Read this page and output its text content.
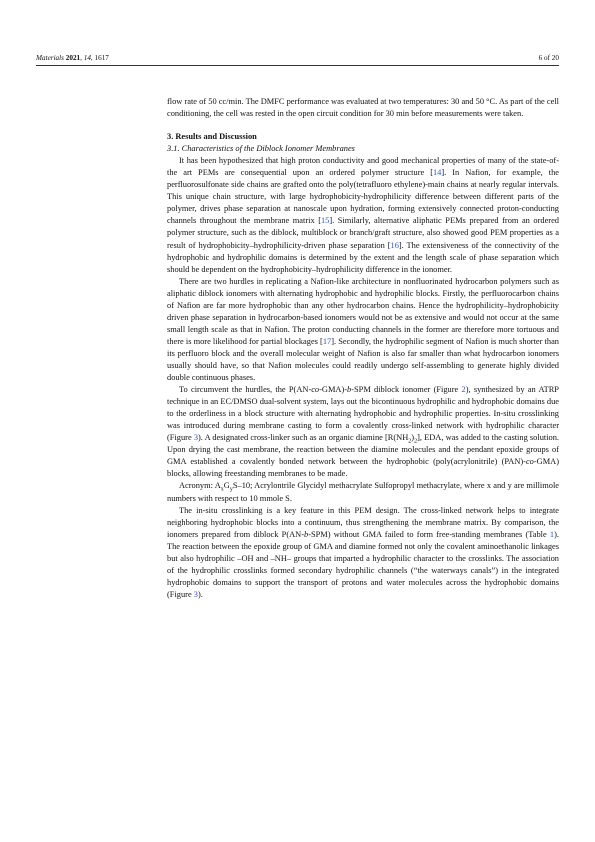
Materials 2021, 14, 1617	6 of 20

flow rate of 50 cc/min. The DMFC performance was evaluated at two temperatures: 30 and 50 °C. As part of the cell conditioning, the cell was rested in the open circuit condition for 30 min before measurements were taken.

3. Results and Discussion
3.1. Characteristics of the Diblock Ionomer Membranes

It has been hypothesized that high proton conductivity and good mechanical properties of many of the state-of-the art PEMs are consequential upon an ordered polymer structure [14]. In Nafion, for example, the perfluorosulfonate side chains are grafted onto the poly(tetrafluoro ethylene)-main chains at nearly regular intervals. This unique chain structure, with large hydrophobicity-hydrophilicity difference between different parts of the polymer, drives phase separation at nanoscale upon hydration, forming extensively connected proton-conducting channels throughout the membrane matrix [15]. Similarly, alternative aliphatic PEMs prepared from an ordered polymer structure, such as the diblock, multiblock or branch/graft structure, also showed good PEM properties as a result of hydrophobicity–hydrophilicity-driven phase separation [16]. The extensiveness of the connectivity of the hydrophobic and hydrophilic domains is determined by the extent and the length scale of phase separation which should be dependent on the hydrophobicity–hydrophilicity difference in the ionomer.

There are two hurdles in replicating a Nafion-like architecture in nonfluorinated hydrocarbon polymers such as aliphatic diblock ionomers with alternating hydrophobic and hydrophilic blocks. Firstly, the perfluorocarbon chains of Nafion are far more hydrophobic than any other hydrocarbon chains. Hence the hydrophilicity–hydrophobicity driven phase separation in hydrocarbon-based ionomers would not be as extensive and would not occur at the same small length scale as that in Nafion. The proton conducting channels in the former are therefore more tortuous and there is more likelihood for partial blockages [17]. Secondly, the hydrophilic segment of Nafion is much shorter than its perfluoro block and the overall molecular weight of Nafion is also far smaller than what hydrocarbon ionomers usually should have, so that Nafion molecules could readily undergo self-assembling to generate highly divided double continuous phases.

To circumvent the hurdles, the P(AN-co-GMA)-b-SPM diblock ionomer (Figure 2), synthesized by an ATRP technique in an EC/DMSO dual-solvent system, lays out the bicontinuous hydrophilic and hydrophobic domains due to the orderliness in a block structure with alternating hydrophobic and hydrophilic properties. In-situ crosslinking was introduced during membrane casting to form a covalently cross-linked network with hydrophilic character (Figure 3). A designated cross-linker such as an organic diamine $[R(NH_2)_2]$, EDA, was added to the casting solution. Upon drying the cast membrane, the reaction between the diamine molecules and the pendant epoxide groups of GMA established a covalently bonded network between the hydrophobic (poly(acrylonitrile) (PAN)-co-GMA) blocks, allowing freestanding membranes to be made.

Acronym: $A_xG_yS-10$; Acrylontrile Glycidyl methacrylate Sulfopropyl methacrylate, where x and y are millimole numbers with respect to 10 mmole S.

The in-situ crosslinking is a key feature in this PEM design. The cross-linked network helps to integrate neighboring hydrophobic blocks into a continuum, thus strengthening the membrane matrix. By comparison, the ionomers prepared from diblock P(AN-b-SPM) without GMA failed to form free-standing membranes (Table 1). The reaction between the epoxide group of GMA and diamine formed not only the covalent aminoethanolic linkages but also hydrophilic –OH and –NH– groups that imparted a hydrophilic character to the crosslinks. The association of the hydrophilic crosslinks formed secondary hydrophilic channels (“the waterways canals”) in the integrated hydrophobic domains to support the transport of protons and water molecules across the hydrophobic domains (Figure 3).
